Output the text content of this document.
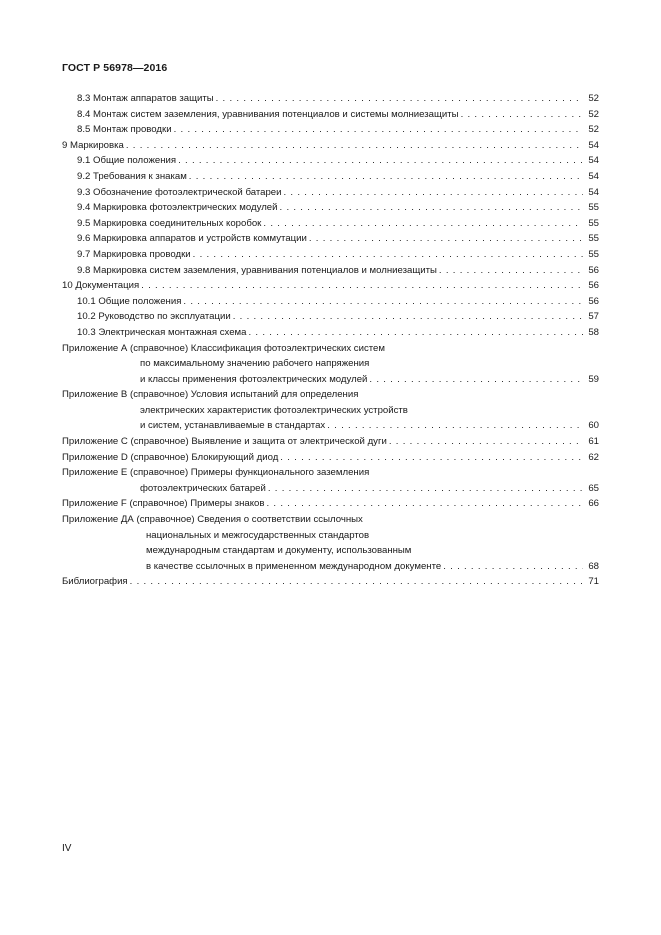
ГОСТ Р 56978—2016
8.3 Монтаж аппаратов защиты . . .	52
8.4 Монтаж систем заземления, уравнивания потенциалов и системы молниезащиты . . .	52
8.5 Монтаж проводки . . .	52
9 Маркировка . . .	54
9.1 Общие положения . . .	54
9.2 Требования к знакам . . .	54
9.3 Обозначение фотоэлектрической батареи . . .	54
9.4 Маркировка фотоэлектрических модулей . . .	55
9.5 Маркировка соединительных коробок . . .	55
9.6 Маркировка аппаратов и устройств коммутации . . .	55
9.7 Маркировка проводки . . .	55
9.8 Маркировка систем заземления, уравнивания потенциалов и молниезащиты . . .	56
10 Документация . . .	56
10.1 Общие положения . . .	56
10.2 Руководство по эксплуатации . . .	57
10.3 Электрическая монтажная схема . . .	58
Приложение А (справочное) Классификация фотоэлектрических систем
по максимальному значению рабочего напряжения
и классы применения фотоэлектрических модулей . . .	59
Приложение В (справочное) Условия испытаний для определения
электрических характеристик фотоэлектрических устройств
и систем, устанавливаемые в стандартах . . .	60
Приложение С (справочное) Выявление и защита от электрической дуги . . .	61
Приложение D (справочное) Блокирующий диод . . .	62
Приложение Е (справочное) Примеры функционального заземления
фотоэлектрических батарей . . .	65
Приложение F (справочное) Примеры знаков . . .	66
Приложение ДА (справочное) Сведения о соответствии ссылочных
национальных и межгосударственных стандартов
международным стандартам и документу, использованным
в качестве ссылочных в примененном международном документе . . .	68
Библиография . . .	71
IV
